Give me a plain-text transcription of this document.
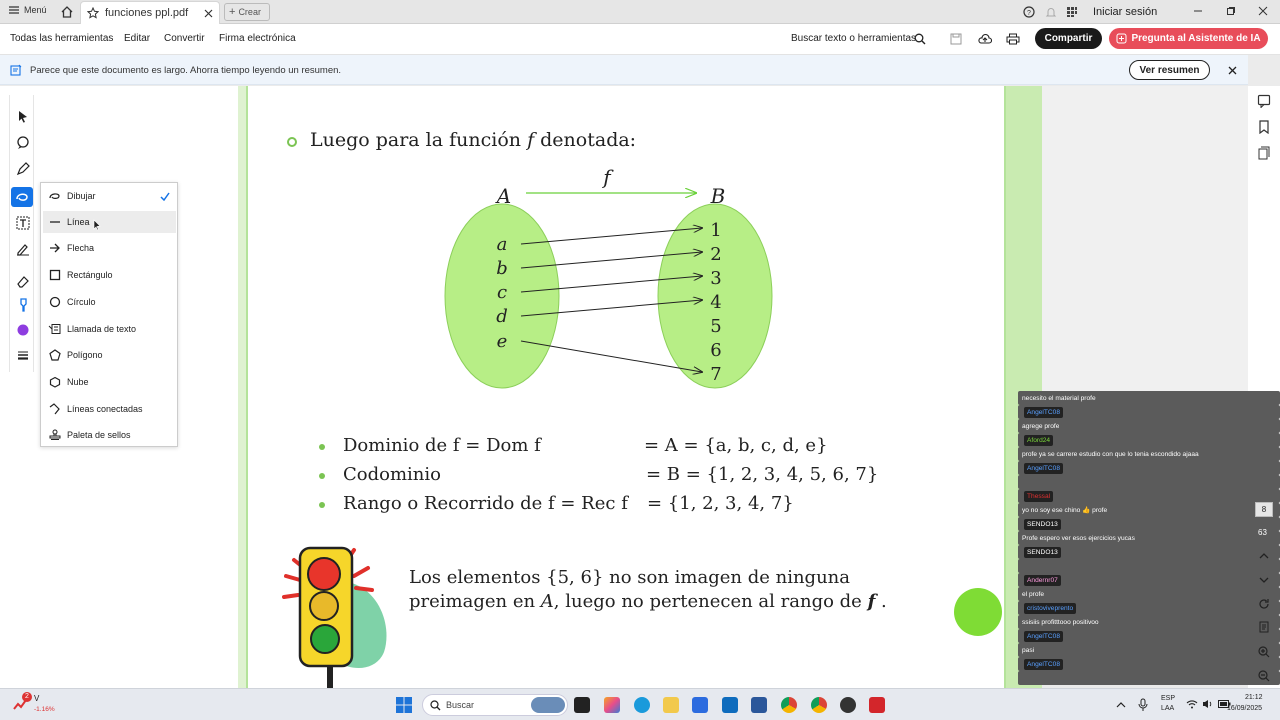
Menú	funciones ppl.pdf	+ Crear	?	Iniciar sesión
Todas las herramientas Editar Convertir Firma electrónica	Buscar texto o herramientas	Compartir	Pregunta al Asistente de IA
Parece que este documento es largo. Ahorra tiempo leyendo un resumen.	Ver resumen
Dibujar
Línea
Flecha
Rectángulo
Círculo
Llamada de texto
Polígono
Nube
Líneas conectadas
Paleta de sellos
Luego para la función f denotada:
f
A	B
a
b
c
d
e
1
2
3
4
5
6
7
Dominio de f = Dom f	= A = {a, b, c, d, e}
Codominio	= B = {1, 2, 3, 4, 5, 6, 7}
Rango o Recorrido de f = Rec f = {1, 2, 3, 4, 7}
Los elementos {5, 6} no son imagen de ninguna
preimagen en A, luego no pertenecen al rango de f .
necesito el material profe
AngelTC08
agrege profe
Aford24
profe ya se carrere estudio con que lo tenia escondido ajaaa
AngelTC08
Thessal
yo no soy ese chino 👍 profe
SENDO13
Profe espero ver esos ejercicios yucas
SENDO13
Andernr07
el profe
cristoviveprento
ssisiis profitttooo positivoo
AngelTC08
pasi
AngelTC08
8
63
2 V
-1.16%	Buscar
ESP
LAA
21:12
16/09/2025
